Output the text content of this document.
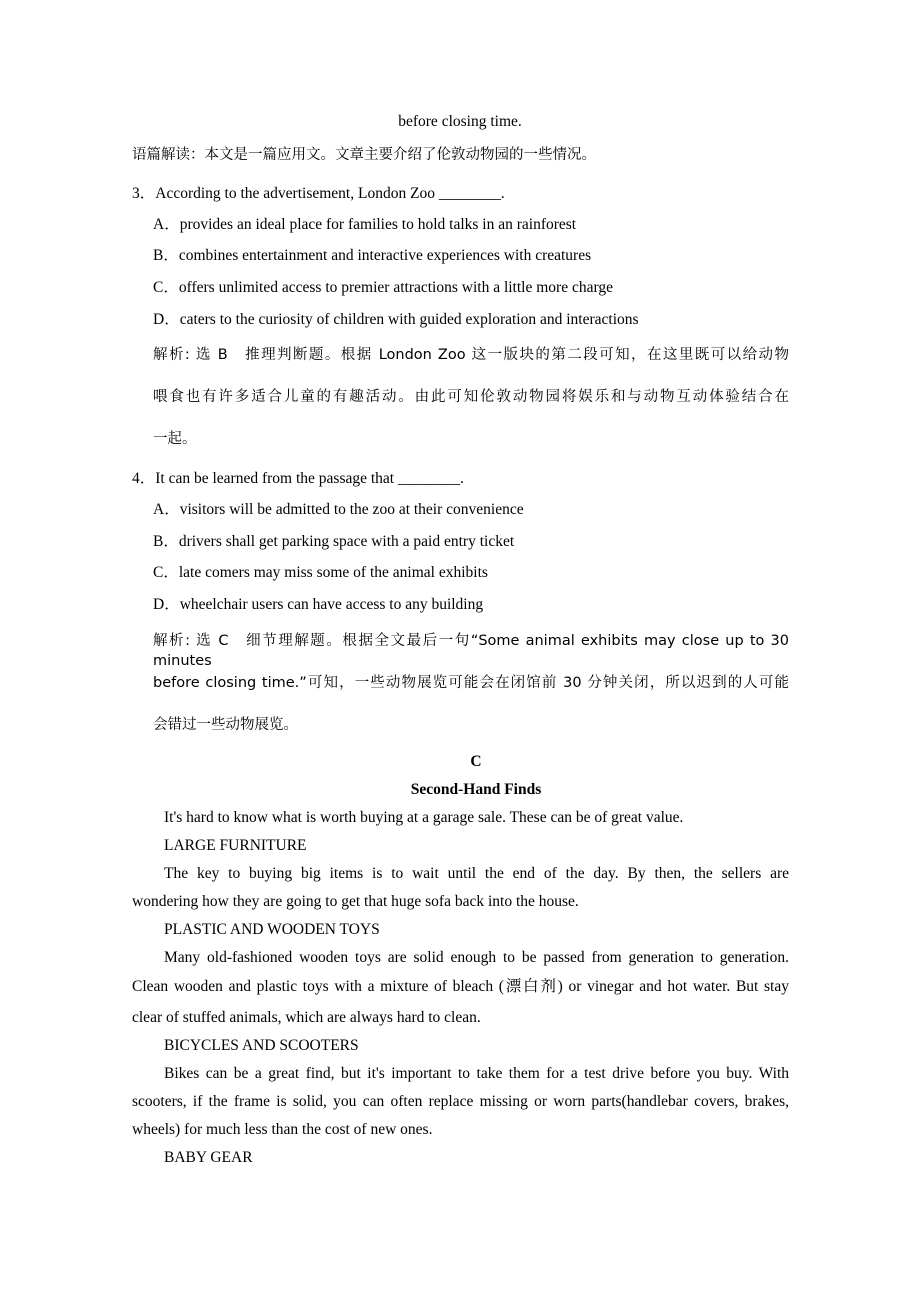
before closing time.
语篇解读：本文是一篇应用文。文章主要介绍了伦敦动物园的一些情况。
3．According to the advertisement, London Zoo ________.
A．provides an ideal place for families to hold talks in an rainforest
B．combines entertainment and interactive experiences with creatures
C．offers unlimited access to premier attractions with a little more charge
D．caters to the curiosity of children with guided exploration and interactions
解析: 选 B　推理判断题。根据 London Zoo 这一版块的第二段可知，在这里既可以给动物
喂食也有许多适合儿童的有趣活动。由此可知伦敦动物园将娱乐和与动物互动体验结合在
一起。
4．It can be learned from the passage that ________.
A．visitors will be admitted to the zoo at their convenience
B．drivers shall get parking space with a paid entry ticket
C．late comers may miss some of the animal exhibits
D．wheelchair users can have access to any building
解析: 选 C　细节理解题。根据全文最后一句“Some animal exhibits may close up to 30 minutes
before closing time.”可知，一些动物展览可能会在闭馆前 30 分钟关闭，所以迟到的人可能
会错过一些动物展览。
C
Second-Hand Finds
It's hard to know what is worth buying at a garage sale. These can be of great value.
LARGE FURNITURE
The key to buying big items is to wait until the end of the day. By then, the sellers are
wondering how they are going to get that huge sofa back into the house.
PLASTIC AND WOODEN TOYS
Many old-fashioned wooden toys are solid enough to be passed from generation to generation.
Clean wooden and plastic toys with a mixture of bleach (漂白剂) or vinegar and hot water. But stay
clear of stuffed animals, which are always hard to clean.
BICYCLES AND SCOOTERS
Bikes can be a great find, but it's important to take them for a test drive before you buy. With
scooters, if the frame is solid, you can often replace missing or worn parts(handlebar covers, brakes,
wheels) for much less than the cost of new ones.
BABY GEAR
